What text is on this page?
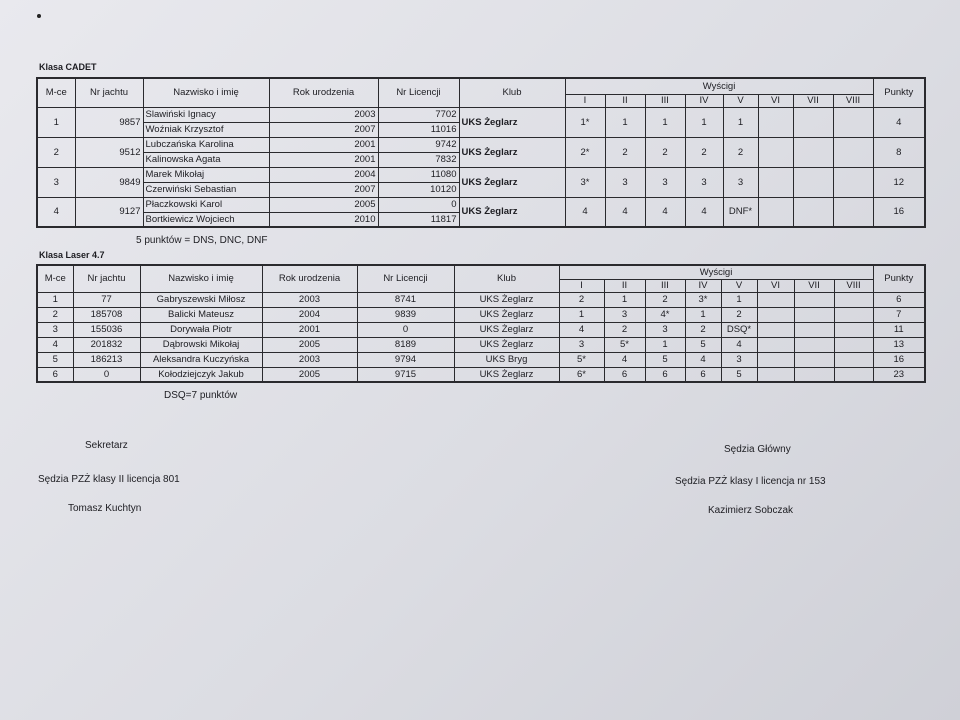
Klasa CADET
M-ce	Nr jachtu	Nazwisko i imię	Rok urodzenia	Nr Licencji	Klub	Wyścigi								Punkty
						I	II	III	IV	V	VI	VII	VIII	
1	9857	Slawiński Ignacy	2003	7702	UKS Żeglarz	1*	1	1	1	1				4
		Woźniak Krzysztof	2007	11016										
2	9512	Lubczańska Karolina	2001	9742	UKS Żeglarz	2*	2	2	2	2				8
		Kalinowska Agata	2001	7832										
3	9849	Marek Mikołaj	2004	11080	UKS Żeglarz	3*	3	3	3	3				12
		Czerwiński Sebastian	2007	10120										
4	9127	Płaczkowski Karol	2005	0	UKS Żeglarz	4	4	4	4	DNF*				16
		Bortkiewicz Wojciech	2010	11817										
5 punktów = DNS, DNC, DNF
Klasa Laser 4.7
M-ce	Nr jachtu	Nazwisko i imię	Rok urodzenia	Nr Licencji	Klub	Wyścigi								Punkty
						I	II	III	IV	V	VI	VII	VIII	
1	77	Gabryszewski Miłosz	2003	8741	UKS Żeglarz	2	1	2	3*	1				6
2	185708	Balicki Mateusz	2004	9839	UKS Żeglarz	1	3	4*	1	2				7
3	155036	Dorywała Piotr	2001	0	UKS Żeglarz	4	2	3	2	DSQ*				11
4	201832	Dąbrowski Mikołaj	2005	8189	UKS Żeglarz	3	5*	1	5	4				13
5	186213	Aleksandra Kuczyńska	2003	9794	UKS Bryg	5*	4	5	4	3				16
6	0	Kołodziejczyk Jakub	2005	9715	UKS Żeglarz	6*	6	6	6	5				23
DSQ=7 punktów
Sekretarz
Sędzia PZŻ klasy II licencja 801
Tomasz Kuchtyn
Sędzia Główny
Sędzia PZŻ klasy I licencja nr 153
Kazimierz Sobczak
